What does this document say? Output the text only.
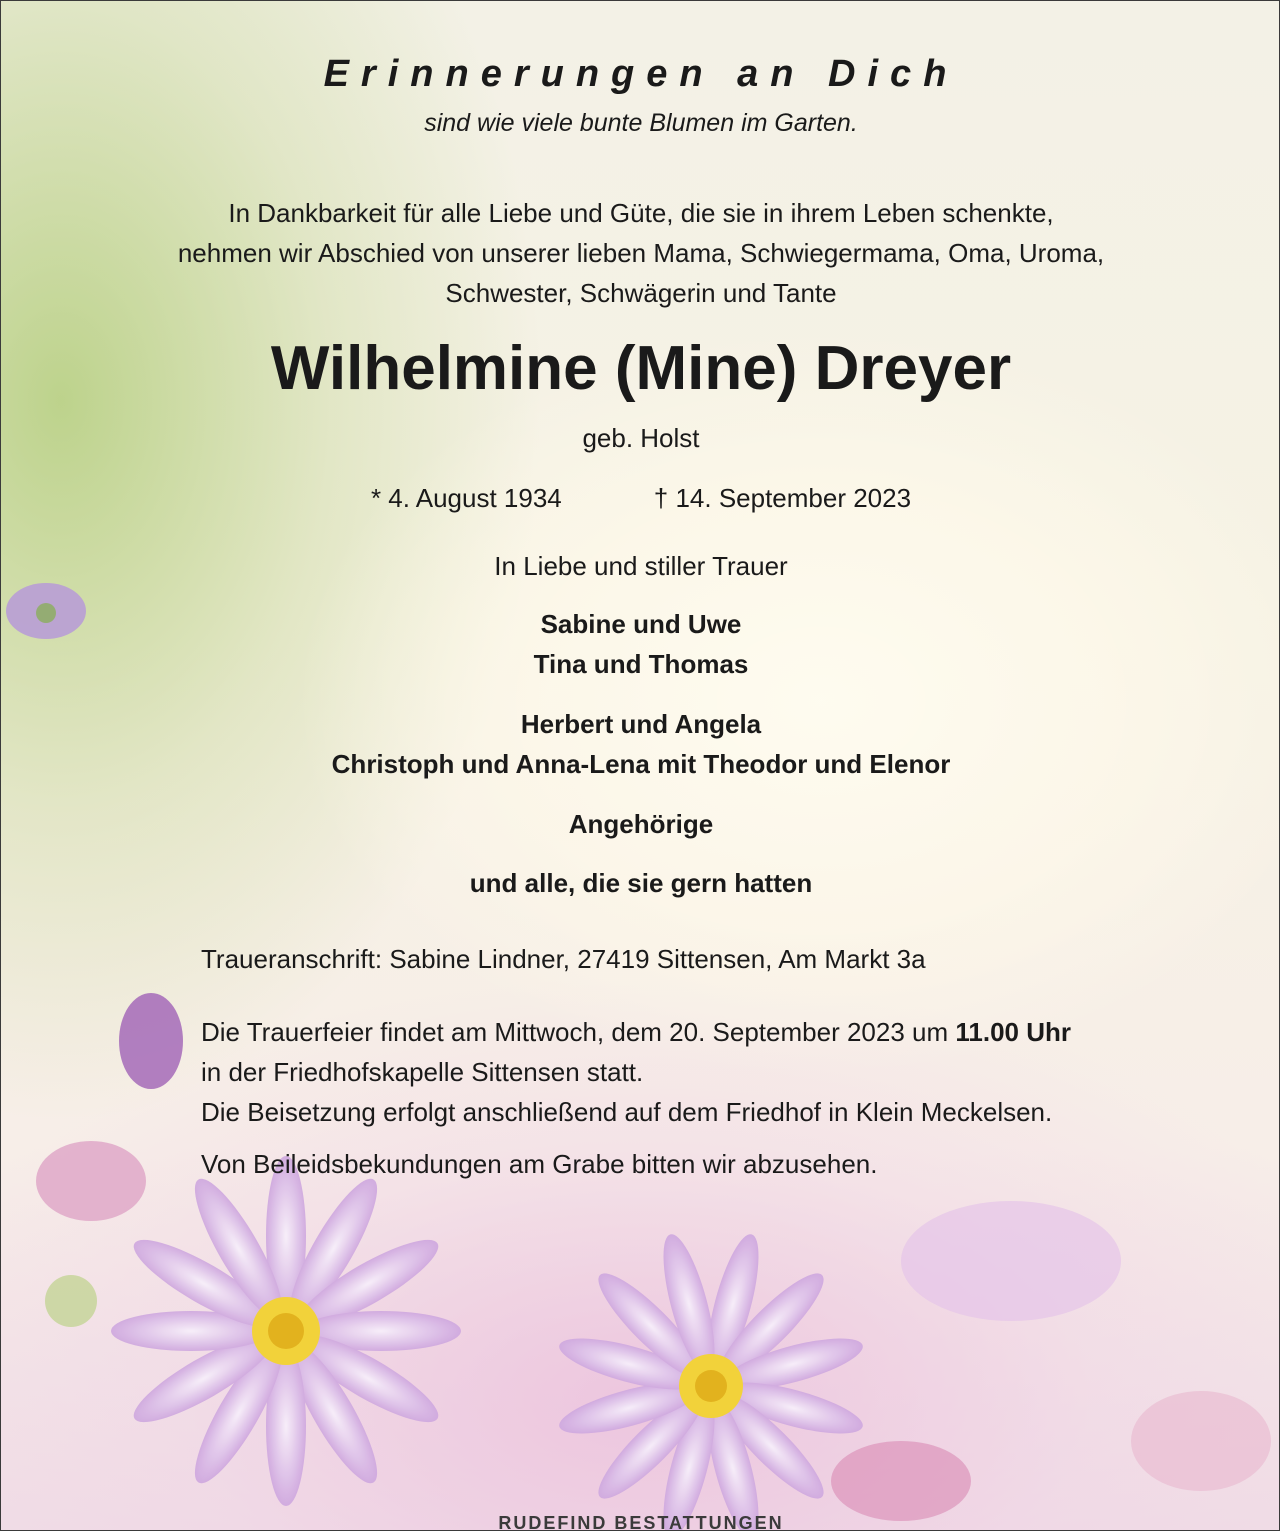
Erinnerungen an Dich
sind wie viele bunte Blumen im Garten.
In Dankbarkeit für alle Liebe und Güte, die sie in ihrem Leben schenkte,
nehmen wir Abschied von unserer lieben Mama, Schwiegermama, Oma, Uroma,
Schwester, Schwägerin und Tante
Wilhelmine (Mine) Dreyer
geb. Holst
* 4. August 1934	† 14. September 2023
In Liebe und stiller Trauer
Sabine und Uwe
Tina und Thomas
Herbert und Angela
Christoph und Anna-Lena mit Theodor und Elenor
Angehörige
und alle, die sie gern hatten
Traueranschrift: Sabine Lindner, 27419 Sittensen, Am Markt 3a
Die Trauerfeier findet am Mittwoch, dem 20. September 2023 um 11.00 Uhr
in der Friedhofskapelle Sittensen statt.
Die Beisetzung erfolgt anschließend auf dem Friedhof in Klein Meckelsen.
Von Beileidsbekundungen am Grabe bitten wir abzusehen.
RUDEFIND BESTATTUNGEN
